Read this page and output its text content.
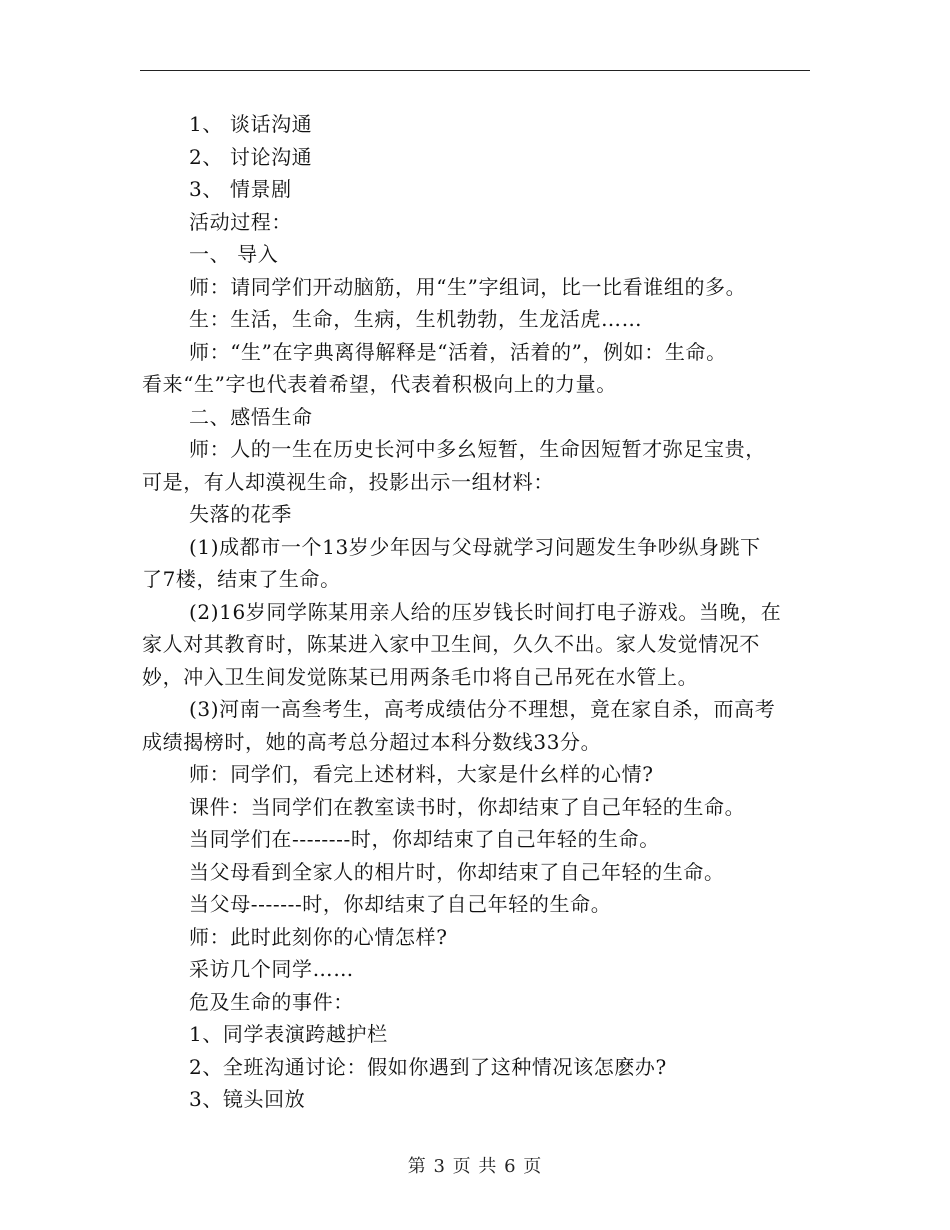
1、 谈话沟通
2、 讨论沟通
3、 情景剧
活动过程：
一、 导入
师：请同学们开动脑筋，用“生”字组词，比一比看谁组的多。
生：生活，生命，生病，生机勃勃，生龙活虎……
师：“生”在字典离得解释是“活着，活着的”，例如：生命。
看来“生”字也代表着希望，代表着积极向上的力量。
二、感悟生命
师：人的一生在历史长河中多幺短暂，生命因短暂才弥足宝贵，
可是，有人却漠视生命，投影出示一组材料：
失落的花季
(1)成都市一个13岁少年因与父母就学习问题发生争吵纵身跳下
了7楼，结束了生命。
(2)16岁同学陈某用亲人给的压岁钱长时间打电子游戏。当晚，在
家人对其教育时，陈某进入家中卫生间，久久不出。家人发觉情况不
妙，冲入卫生间发觉陈某已用两条毛巾将自己吊死在水管上。
(3)河南一高叁考生，高考成绩估分不理想，竟在家自杀，而高考
成绩揭榜时，她的高考总分超过本科分数线33分。
师：同学们，看完上述材料，大家是什幺样的心情?
课件：当同学们在教室读书时，你却结束了自己年轻的生命。
当同学们在--------时，你却结束了自己年轻的生命。
当父母看到全家人的相片时，你却结束了自己年轻的生命。
当父母-------时，你却结束了自己年轻的生命。
师：此时此刻你的心情怎样?
采访几个同学……
危及生命的事件：
1、同学表演跨越护栏
2、全班沟通讨论：假如你遇到了这种情况该怎麽办?
3、镜头回放
第 3 页 共 6 页
